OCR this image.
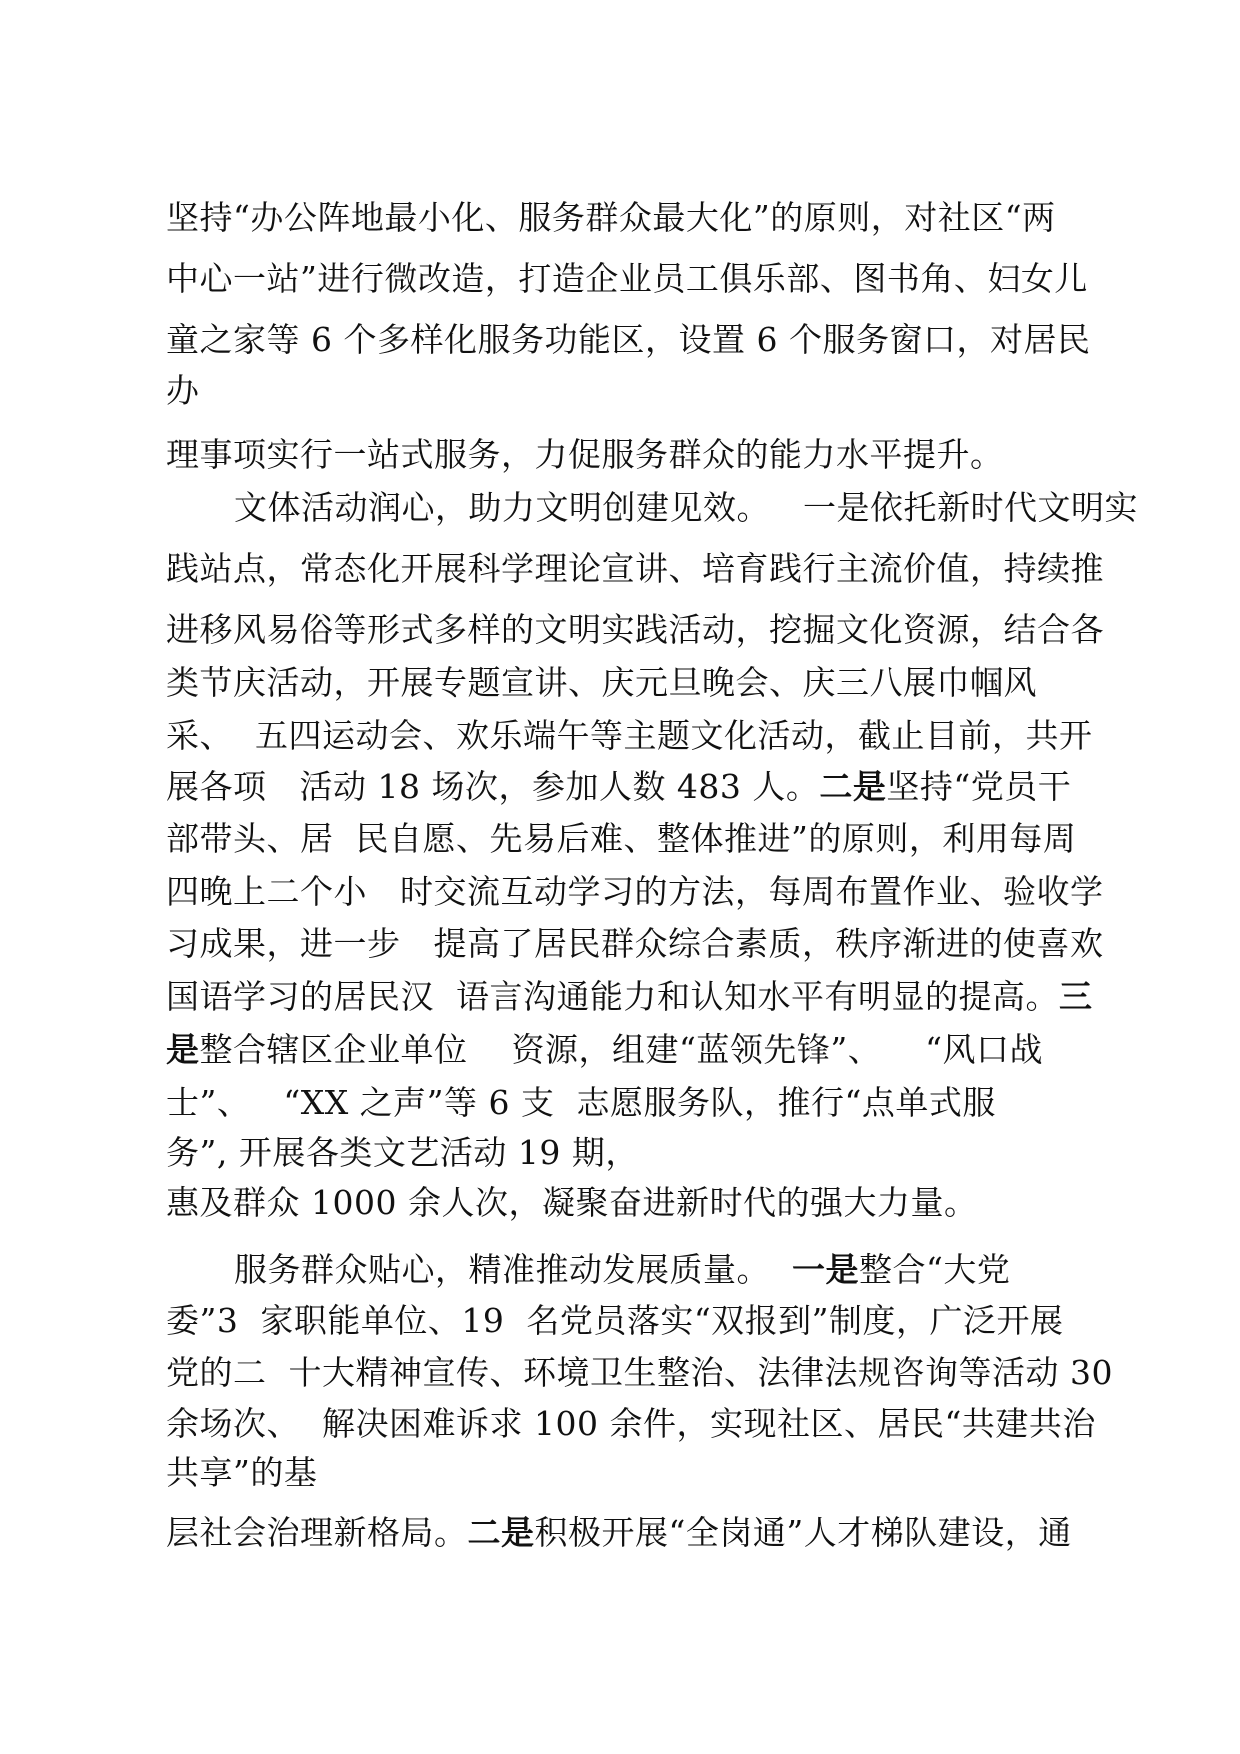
坚持“办公阵地最小化、服务群众最大化”的原则，对社区“两
中心一站”进行微改造，打造企业员工俱乐部、图书角、妇女儿
童之家等 6 个多样化服务功能区，设置 6 个服务窗口，对居民
办
理事项实行一站式服务，力促服务群众的能力水平提升。
文体活动润心，助力文明创建见效。   一是依托新时代文明实
践站点，常态化开展科学理论宣讲、培育践行主流价值，持续推
进移风易俗等形式多样的文明实践活动，挖掘文化资源，结合各
类节庆活动，开展专题宣讲、庆元旦晚会、庆三八展巾帼风
采、  五四运动会、欢乐端午等主题文化活动，截止目前，共开
展各项   活动 18 场次，参加人数 483 人。二是坚持“党员干
部带头、居  民自愿、先易后难、整体推进”的原则，利用每周
四晚上二个小   时交流互动学习的方法，每周布置作业、验收学
习成果，进一步   提高了居民群众综合素质，秩序渐进的使喜欢
国语学习的居民汉  语言沟通能力和认知水平有明显的提高。三
是整合辖区企业单位    资源，组建“蓝领先锋”、    “风口战
士”、   “XX 之声”等 6 支  志愿服务队，推行“点单式服
务”, 开展各类文艺活动 19 期，
惠及群众 1000 余人次，凝聚奋进新时代的强大力量。
服务群众贴心，精准推动发展质量。  一是整合“大党
委”3  家职能单位、19  名党员落实“双报到”制度，广泛开展
党的二  十大精神宣传、环境卫生整治、法律法规咨询等活动 30
余场次、  解决困难诉求 100 余件，实现社区、居民“共建共治
共享”的基
层社会治理新格局。二是积极开展“全岗通”人才梯队建设，通
